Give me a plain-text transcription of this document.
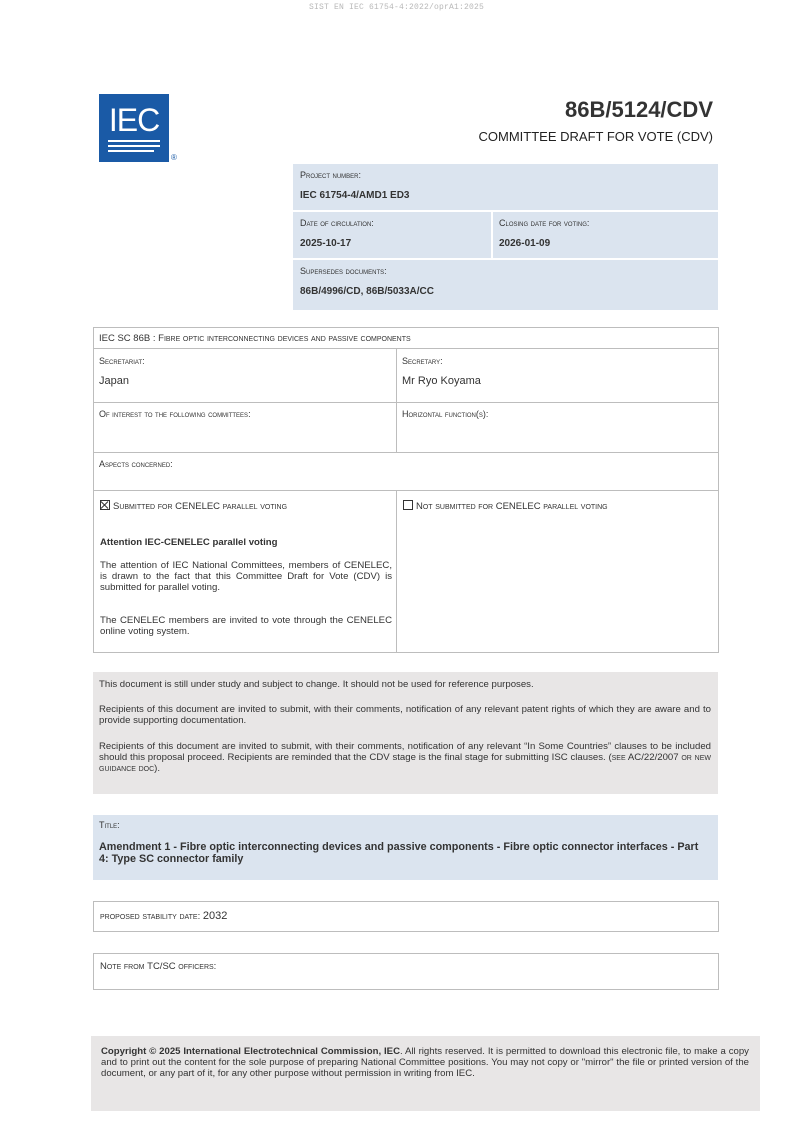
SIST EN IEC 61754-4:2022/oprA1:2025
IEC
®
86B/5124/CDV
COMMITTEE DRAFT FOR VOTE (CDV)
Project number:
IEC 61754-4/AMD1 ED3
Date of circulation:
2025-10-17
Closing date for voting:
2026-01-09
Supersedes documents:
86B/4996/CD, 86B/5033A/CC
IEC SC 86B : Fibre optic interconnecting devices and passive components
Secretariat:
Japan
Secretary:
Mr Ryo Koyama
Of interest to the following committees:	Horizontal function(s):
Aspects concerned:
Submitted for CENELEC parallel voting
Attention IEC-CENELEC parallel voting
The attention of IEC National Committees, members of CENELEC, is drawn to the fact that this Committee Draft for Vote (CDV) is submitted for parallel voting.
The CENELEC members are invited to vote through the CENELEC online voting system.
Not submitted for CENELEC parallel voting
This document is still under study and subject to change. It should not be used for reference purposes.
Recipients of this document are invited to submit, with their comments, notification of any relevant patent rights of which they are aware and to provide supporting documentation.
Recipients of this document are invited to submit, with their comments, notification of any relevant “In Some Countries” clauses to be included should this proposal proceed. Recipients are reminded that the CDV stage is the final stage for submitting ISC clauses. (see AC/22/2007 or new guidance doc).
Title:
Amendment 1 - Fibre optic interconnecting devices and passive components - Fibre optic connector interfaces - Part 4: Type SC connector family
proposed stability date: 2032
Note from TC/SC officers:
Copyright © 2025 International Electrotechnical Commission, IEC. All rights reserved. It is permitted to download this electronic file, to make a copy and to print out the content for the sole purpose of preparing National Committee positions. You may not copy or "mirror" the file or printed version of the document, or any part of it, for any other purpose without permission in writing from IEC.
